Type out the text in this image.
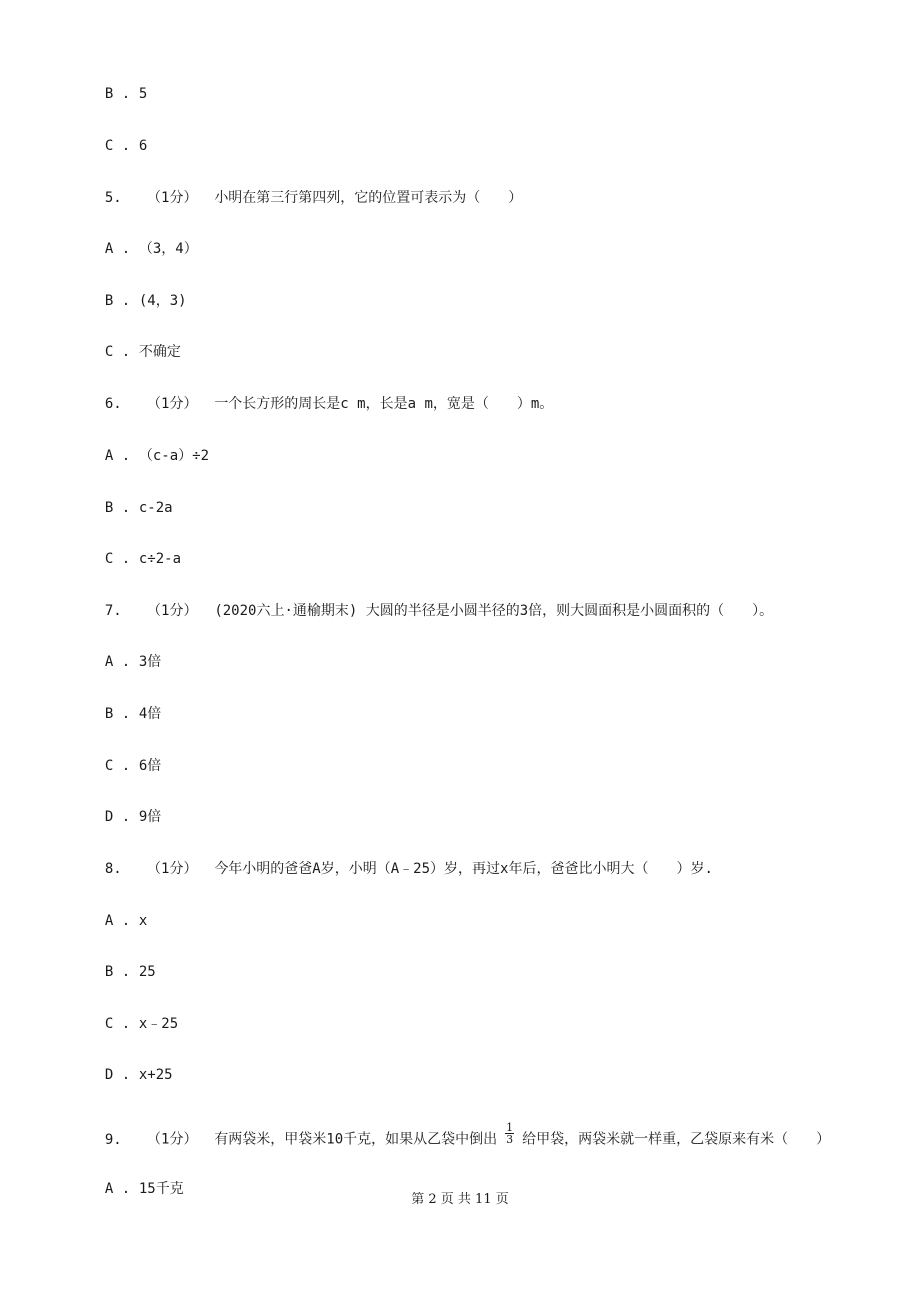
B . 5

C . 6

5. （1分） 小明在第三行第四列，它的位置可表示为（　　）

A . （3，4）

B . (4，3)

C . 不确定

6. （1分） 一个长方形的周长是c m，长是a m，宽是（　　）m。

A . （c-a）÷2

B . c-2a

C . c÷2-a

7. （1分） (2020六上·通榆期末) 大圆的半径是小圆半径的3倍，则大圆面积是小圆面积的（　　）。

A . 3倍

B . 4倍

C . 6倍

D . 9倍

8. （1分） 今年小明的爸爸A岁，小明（A﹣25）岁，再过x年后，爸爸比小明大（　　）岁.

A . x

B . 25

C . x﹣25

D . x+25

9. （1分） 有两袋米，甲袋米10千克，如果从乙袋中倒出 $\frac{1}{3}$ 给甲袋，两袋米就一样重，乙袋原来有米（　　）

A . 15千克

第 2 页 共 11 页
